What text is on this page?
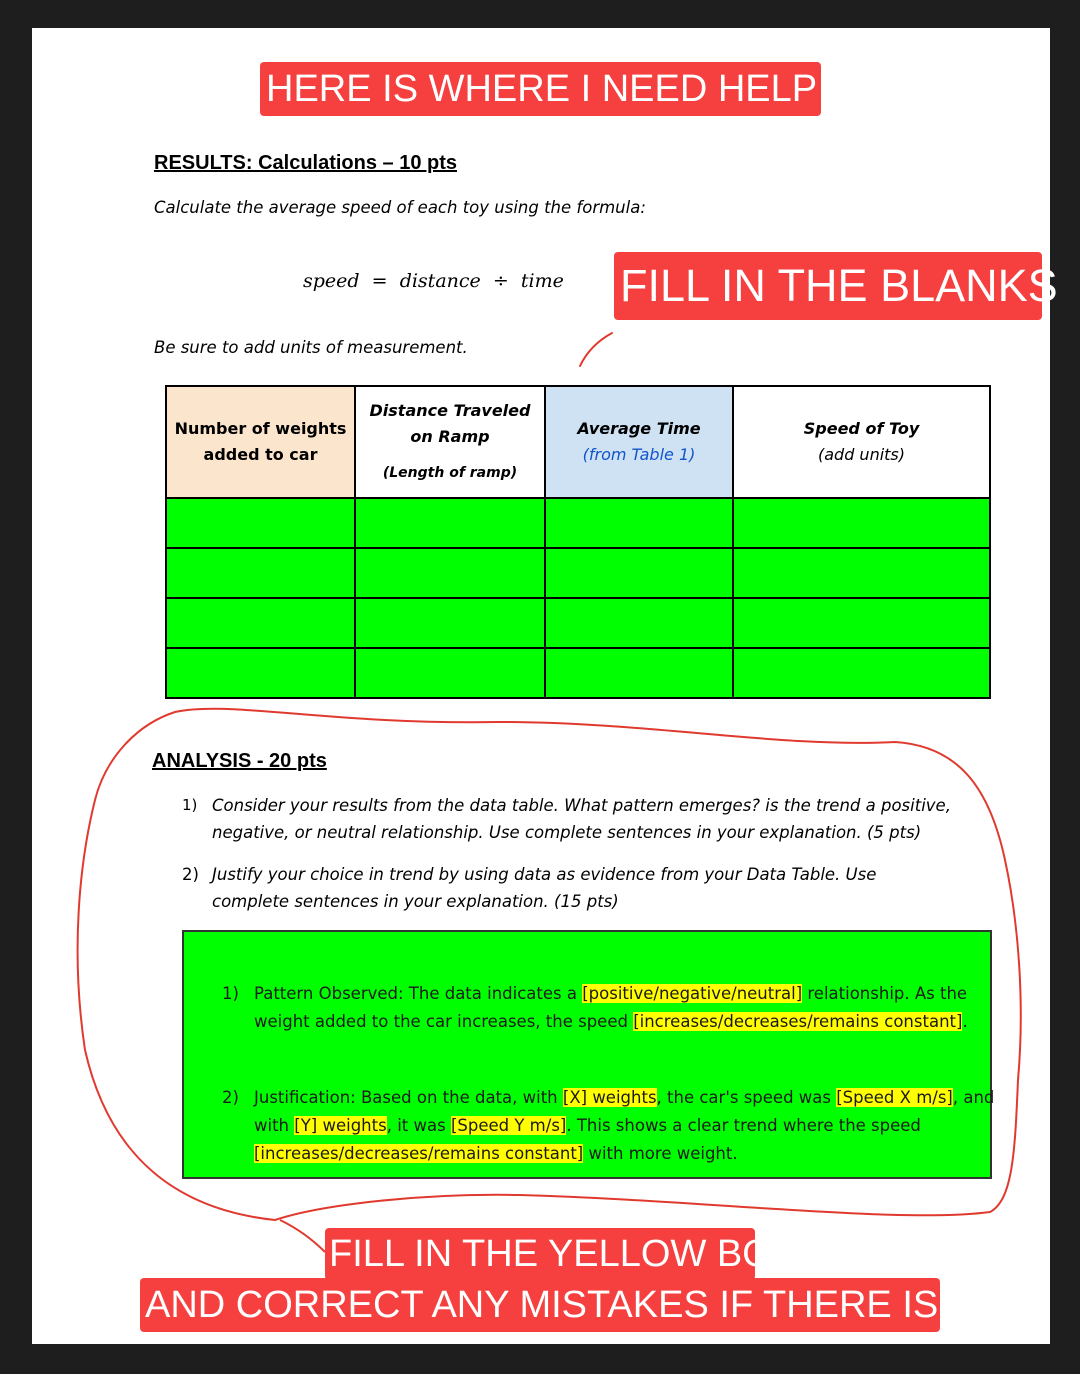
HERE IS WHERE I NEED HELP 2/3
RESULTS: Calculations – 10 pts
Calculate the average speed of each toy using the formula:
speed = distance ÷ time FILL IN THE BLANKS
Be sure to add units of measurement.
Number of weights
added to car	Distance Traveled
on Ramp
(Length of ramp)	Average Time
(from Table 1)	Speed of Toy
(add units)

ANALYSIS - 20 pts
1) Consider your results from the data table. What pattern emerges? is the trend a positive,
negative, or neutral relationship. Use complete sentences in your explanation. (5 pts)
2) Justify your choice in trend by using data as evidence from your Data Table. Use
complete sentences in your explanation. (15 pts)
1) Pattern Observed: The data indicates a [positive/negative/neutral] relationship. As the
weight added to the car increases, the speed [increases/decreases/remains constant].
2) Justification: Based on the data, with [X] weights, the car's speed was [Speed X m/s], and
with [Y] weights, it was [Speed Y m/s]. This shows a clear trend where the speed
[increases/decreases/remains constant] with more weight.
FILL IN THE YELLOW BOX
AND CORRECT ANY MISTAKES IF THERE IS ANY
